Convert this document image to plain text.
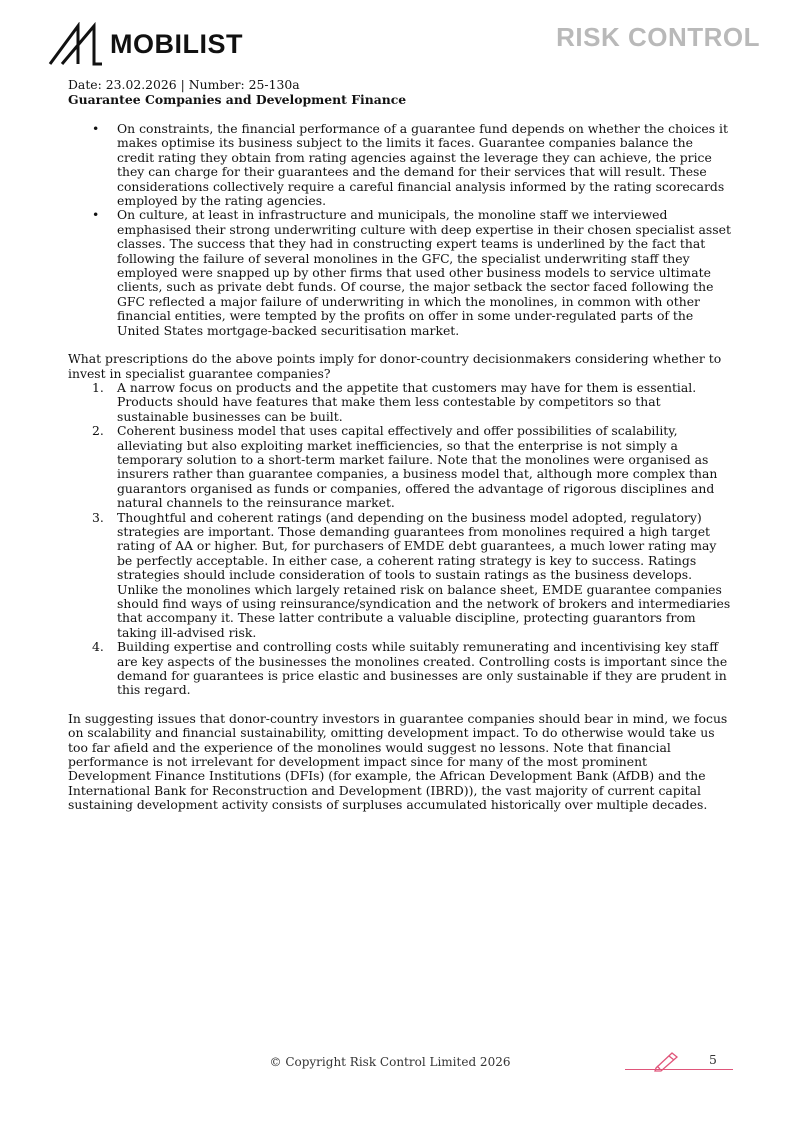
MOBILIST	RISK CONTROL
Date: 23.02.2026 | Number: 25-130a
Guarantee Companies and Development Finance
• On constraints, the financial performance of a guarantee fund depends on whether the choices it makes optimise its business subject to the limits it faces. Guarantee companies balance the credit rating they obtain from rating agencies against the leverage they can achieve, the price they can charge for their guarantees and the demand for their services that will result. These considerations collectively require a careful financial analysis informed by the rating scorecards employed by the rating agencies.
• On culture, at least in infrastructure and municipals, the monoline staff we interviewed emphasised their strong underwriting culture with deep expertise in their chosen specialist asset classes. The success that they had in constructing expert teams is underlined by the fact that following the failure of several monolines in the GFC, the specialist underwriting staff they employed were snapped up by other firms that used other business models to service ultimate clients, such as private debt funds. Of course, the major setback the sector faced following the GFC reflected a major failure of underwriting in which the monolines, in common with other financial entities, were tempted by the profits on offer in some under-regulated parts of the United States mortgage-backed securitisation market.

What prescriptions do the above points imply for donor-country decisionmakers considering whether to invest in specialist guarantee companies?

1. A narrow focus on products and the appetite that customers may have for them is essential. Products should have features that make them less contestable by competitors so that sustainable businesses can be built.
2. Coherent business model that uses capital effectively and offer possibilities of scalability, alleviating but also exploiting market inefficiencies, so that the enterprise is not simply a temporary solution to a short-term market failure. Note that the monolines were organised as insurers rather than guarantee companies, a business model that, although more complex than guarantors organised as funds or companies, offered the advantage of rigorous disciplines and natural channels to the reinsurance market.
3. Thoughtful and coherent ratings (and depending on the business model adopted, regulatory) strategies are important. Those demanding guarantees from monolines required a high target rating of AA or higher. But, for purchasers of EMDE debt guarantees, a much lower rating may be perfectly acceptable. In either case, a coherent rating strategy is key to success. Ratings strategies should include consideration of tools to sustain ratings as the business develops. Unlike the monolines which largely retained risk on balance sheet, EMDE guarantee companies should find ways of using reinsurance/syndication and the network of brokers and intermediaries that accompany it. These latter contribute a valuable discipline, protecting guarantors from taking ill-advised risk.
4. Building expertise and controlling costs while suitably remunerating and incentivising key staff are key aspects of the businesses the monolines created. Controlling costs is important since the demand for guarantees is price elastic and businesses are only sustainable if they are prudent in this regard.

In suggesting issues that donor-country investors in guarantee companies should bear in mind, we focus on scalability and financial sustainability, omitting development impact. To do otherwise would take us too far afield and the experience of the monolines would suggest no lessons. Note that financial performance is not irrelevant for development impact since for many of the most prominent Development Finance Institutions (DFIs) (for example, the African Development Bank (AfDB) and the International Bank for Reconstruction and Development (IBRD)), the vast majority of current capital sustaining development activity consists of surpluses accumulated historically over multiple decades.

© Copyright Risk Control Limited 2026	5
